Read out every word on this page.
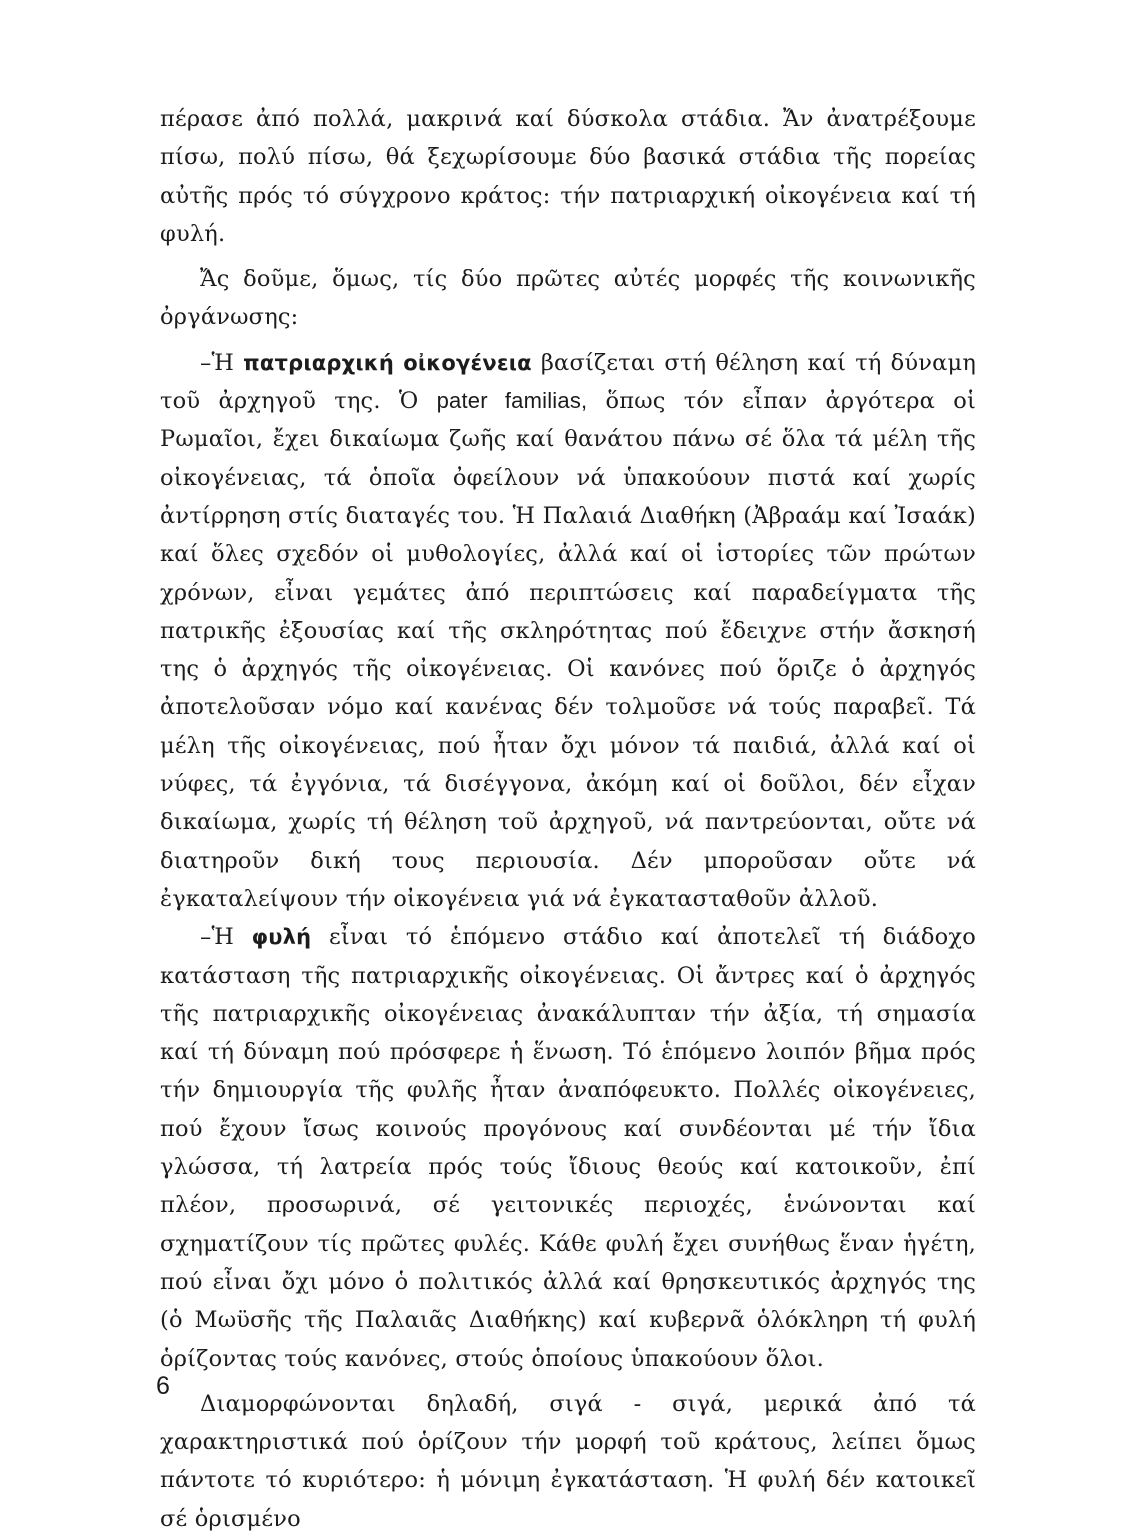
πέρασε ἀπό πολλά, μακρινά καί δύσκολα στάδια. Ἄν ἀνατρέξουμε πίσω, πολύ πίσω, θά ξεχωρίσουμε δύο βασικά στάδια τῆς πορείας αὐτῆς πρός τό σύγχρονο κράτος: τήν πατριαρχική οἰκογένεια καί τή φυλή.

Ἄς δοῦμε, ὅμως, τίς δύο πρῶτες αὐτές μορφές τῆς κοινωνικῆς ὀργάνωσης:

–Ἡ πατριαρχική οἰκογένεια βασίζεται στή θέληση καί τή δύναμη τοῦ ἀρχηγοῦ της. Ὁ pater familias, ὅπως τόν εἶπαν ἀργότερα οἱ Ρωμαῖοι, ἔχει δικαίωμα ζωῆς καί θανάτου πάνω σέ ὅλα τά μέλη τῆς οἰκογένειας, τά ὁποῖα ὀφείλουν νά ὑπακούουν πιστά καί χωρίς ἀντίρρηση στίς διαταγές του. Ἡ Παλαιά Διαθήκη (Ἀβραάμ καί Ἰσαάκ) καί ὅλες σχεδόν οἱ μυθολογίες, ἀλλά καί οἱ ἱστορίες τῶν πρώτων χρόνων, εἶναι γεμάτες ἀπό περιπτώσεις καί παραδείγματα τῆς πατρικῆς ἐξουσίας καί τῆς σκληρότητας πού ἔδειχνε στήν ἄσκησή της ὁ ἀρχηγός τῆς οἰκογένειας. Οἱ κανόνες πού ὅριζε ὁ ἀρχηγός ἀποτελοῦσαν νόμο καί κανένας δέν τολμοῦσε νά τούς παραβεῖ. Τά μέλη τῆς οἰκογένειας, πού ἦταν ὄχι μόνον τά παιδιά, ἀλλά καί οἱ νύφες, τά ἐγγόνια, τά δισέγγονα, ἀκόμη καί οἱ δοῦλοι, δέν εἶχαν δικαίωμα, χωρίς τή θέληση τοῦ ἀρχηγοῦ, νά παντρεύονται, οὔτε νά διατηροῦν δική τους περιουσία. Δέν μποροῦσαν οὔτε νά ἐγκαταλείψουν τήν οἰκογένεια γιά νά ἐγκατασταθοῦν ἀλλοῦ.

–Ἡ φυλή εἶναι τό ἑπόμενο στάδιο καί ἀποτελεῖ τή διάδοχο κατάσταση τῆς πατριαρχικῆς οἰκογένειας. Οἱ ἄντρες καί ὁ ἀρχηγός τῆς πατριαρχικῆς οἰκογένειας ἀνακάλυπταν τήν ἀξία, τή σημασία καί τή δύναμη πού πρόσφερε ἡ ἕνωση. Τό ἑπόμενο λοιπόν βῆμα πρός τήν δημιουργία τῆς φυλῆς ἦταν ἀναπόφευκτο. Πολλές οἰκογένειες, πού ἔχουν ἴσως κοινούς προγόνους καί συνδέονται μέ τήν ἴδια γλώσσα, τή λατρεία πρός τούς ἴδιους θεούς καί κατοικοῦν, ἐπί πλέον, προσωρινά, σέ γειτονικές περιοχές, ἑνώνονται καί σχηματίζουν τίς πρῶτες φυλές. Κάθε φυλή ἔχει συνήθως ἕναν ἡγέτη, πού εἶναι ὄχι μόνο ὁ πολιτικός ἀλλά καί θρησκευτικός ἀρχηγός της (ὁ Μωϋσῆς τῆς Παλαιᾶς Διαθήκης) καί κυβερνᾶ ὁλόκληρη τή φυλή ὁρίζοντας τούς κανόνες, στούς ὁποίους ὑπακούουν ὅλοι.

Διαμορφώνονται δηλαδή, σιγά - σιγά, μερικά ἀπό τά χαρακτηριστικά πού ὁρίζουν τήν μορφή τοῦ κράτους, λείπει ὅμως πάντοτε τό κυριότερο: ἡ μόνιμη ἐγκατάσταση. Ἡ φυλή δέν κατοικεῖ σέ ὁρισμένο

6
